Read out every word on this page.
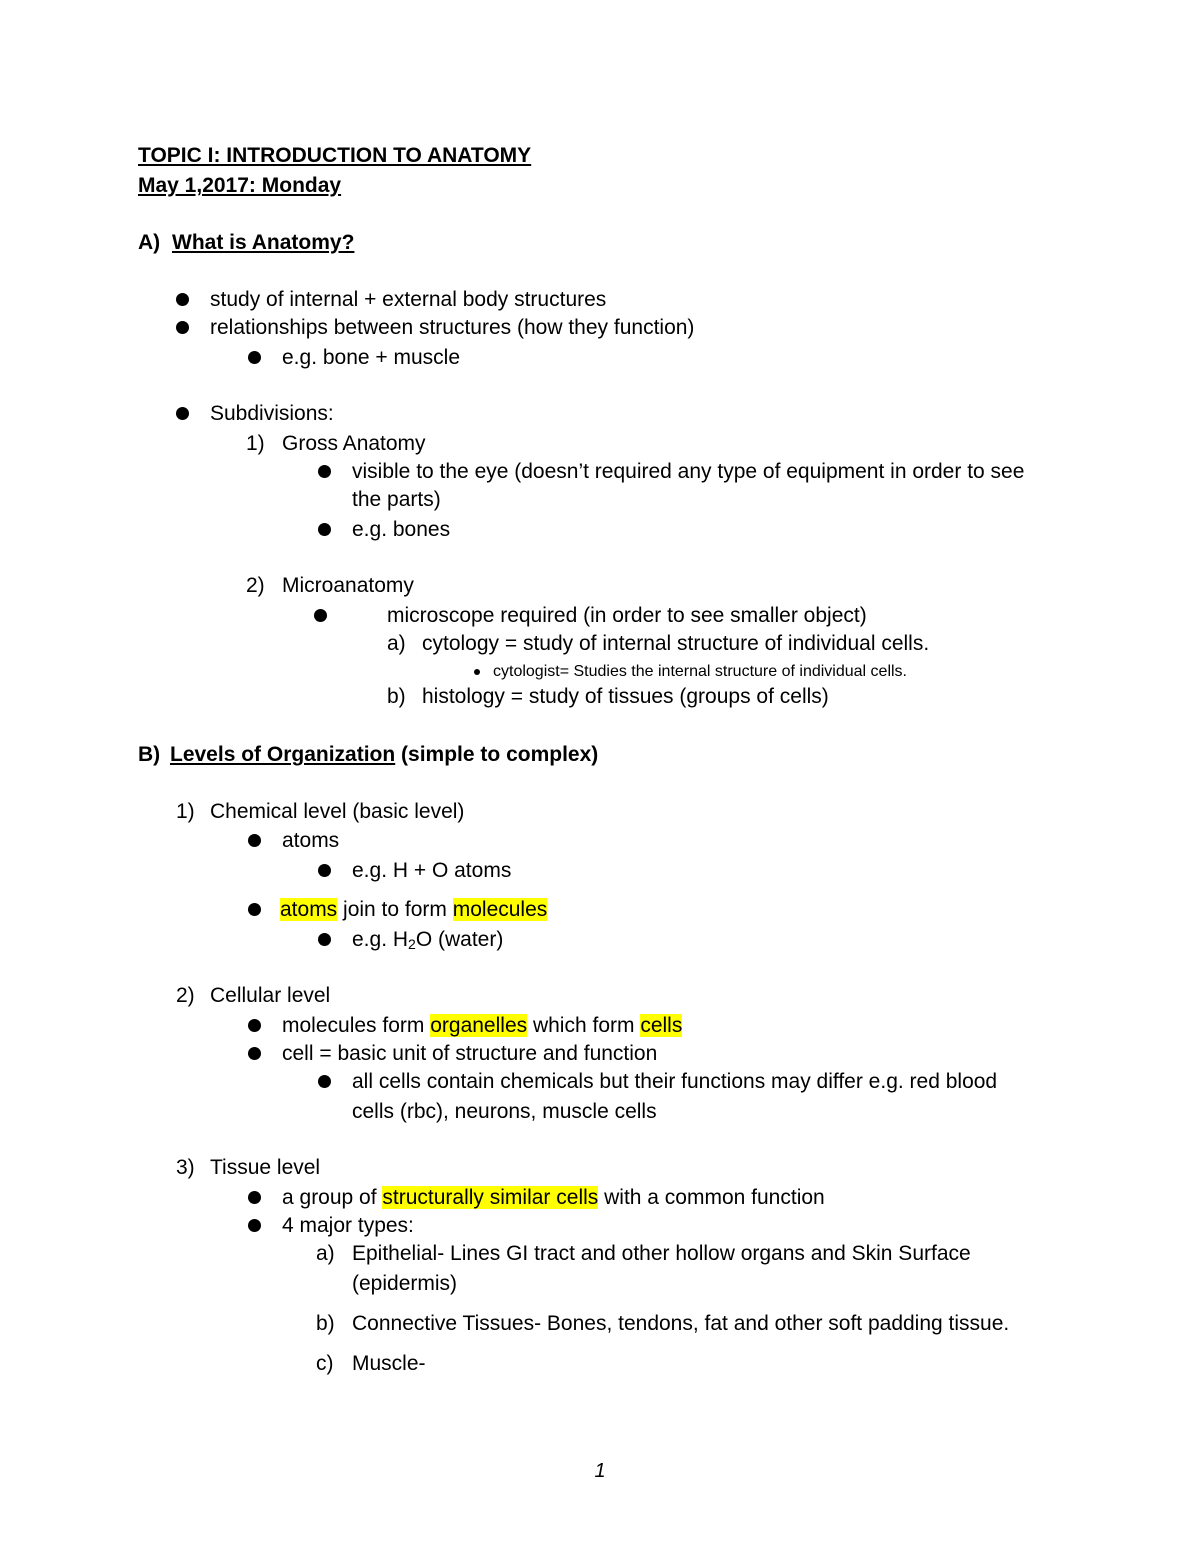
TOPIC I: INTRODUCTION TO ANATOMY
May 1,2017: Monday
A) What is Anatomy?
study of internal + external body structures
relationships between structures (how they function)
e.g. bone + muscle
Subdivisions:
1) Gross Anatomy
visible to the eye (doesn’t required any type of equipment in order to see
the parts)
e.g. bones
2) Microanatomy
microscope required (in order to see smaller object)
a) cytology = study of internal structure of individual cells.
cytologist= Studies the internal structure of individual cells.
b) histology = study of tissues (groups of cells)
B) Levels of Organization (simple to complex)
1) Chemical level (basic level)
atoms
e.g. H + O atoms
atoms join to form molecules
e.g. $H_2O$ (water)
2) Cellular level
molecules form organelles which form cells
cell = basic unit of structure and function
all cells contain chemicals but their functions may differ e.g. red blood
cells (rbc), neurons, muscle cells
3) Tissue level
a group of structurally similar cells with a common function
4 major types:
a) Epithelial- Lines GI tract and other hollow organs and Skin Surface
(epidermis)
b) Connective Tissues- Bones, tendons, fat and other soft padding tissue.
c) Muscle-
1
